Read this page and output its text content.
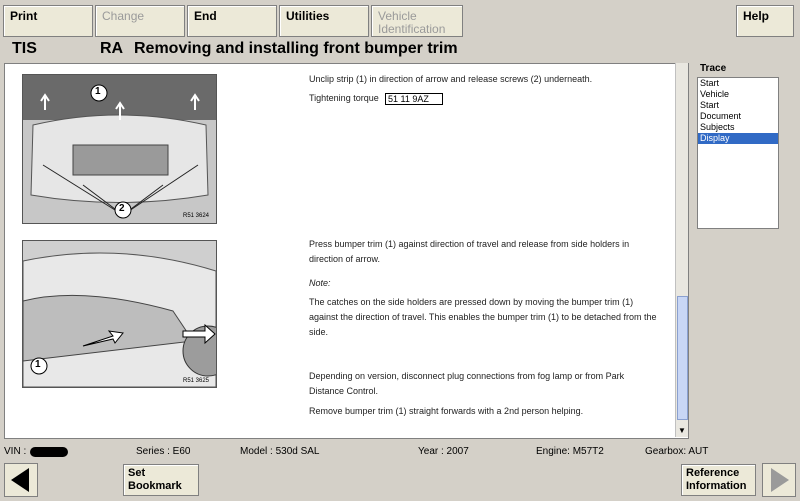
Print	Change	End	Utilities	Vehicle Identification
Help
TIS	RA Removing and installing front bumper trim
1
2
R51 3624
Unclip strip (1) in direction of arrow and release screws (2) underneath.
Tightening torque	51 11 9AZ
1
R51 3625
Press bumper trim (1) against direction of travel and release from side holders in direction of arrow.
Note:
The catches on the side holders are pressed down by moving the bumper trim (1) against the direction of travel. This enables the bumper trim (1) to be detached from the side.
Depending on version, disconnect plug connections from fog lamp or from Park Distance Control.
Remove bumper trim (1) straight forwards with a 2nd person helping.
▼
Trace
Start
Vehicle
Start
Document
Subjects
Display
VIN :	Series : E60	Model : 530d SAL	Year : 2007	Engine: M57T2	Gearbox: AUT
Set Bookmark
Reference Information
